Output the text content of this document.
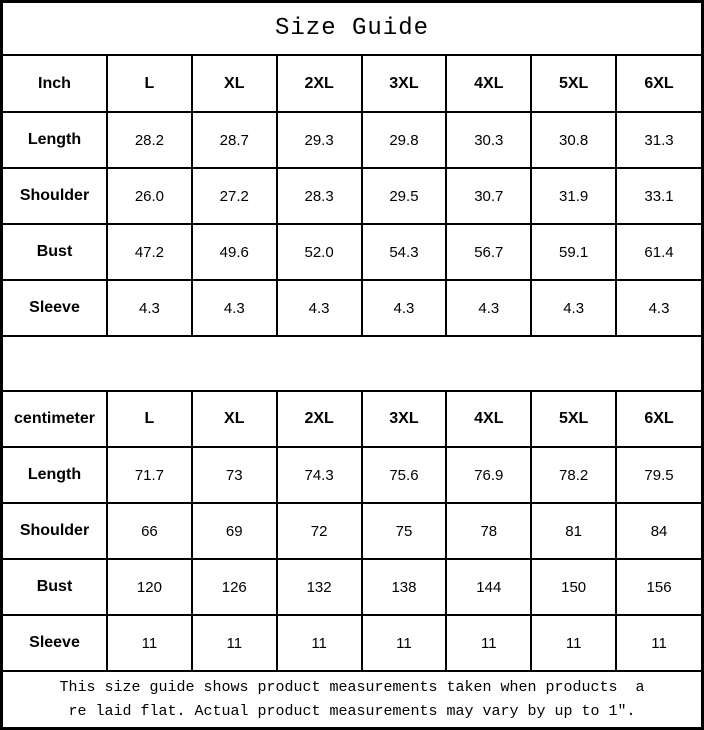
Size Guide
Inch	L	XL	2XL	3XL	4XL	5XL	6XL
Length	28.2	28.7	29.3	29.8	30.3	30.8	31.3
Shoulder	26.0	27.2	28.3	29.5	30.7	31.9	33.1
Bust	47.2	49.6	52.0	54.3	56.7	59.1	61.4
Sleeve	4.3	4.3	4.3	4.3	4.3	4.3	4.3
centimeter	L	XL	2XL	3XL	4XL	5XL	6XL
Length	71.7	73	74.3	75.6	76.9	78.2	79.5
Shoulder	66	69	72	75	78	81	84
Bust	120	126	132	138	144	150	156
Sleeve	11	11	11	11	11	11	11
This size guide shows product measurements taken when products  a
re laid flat. Actual product measurements may vary by up to 1″.
